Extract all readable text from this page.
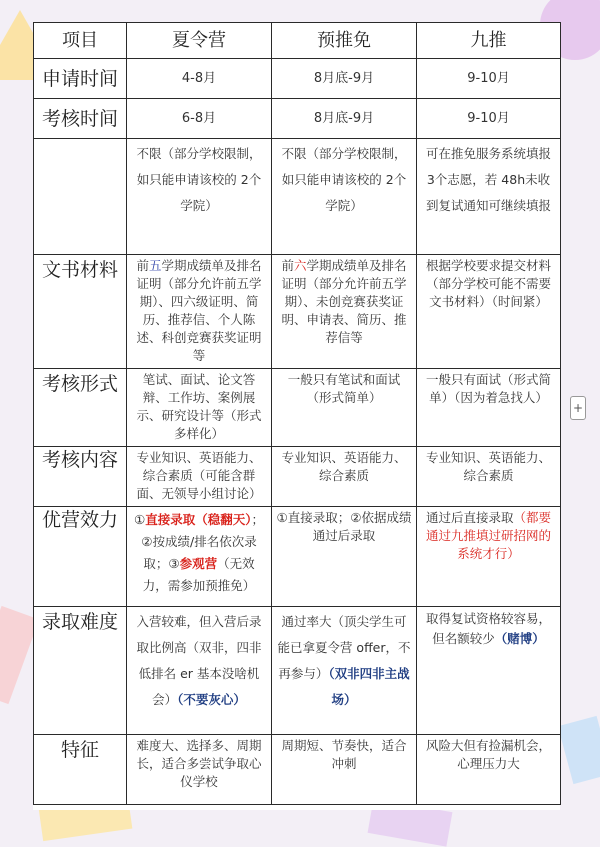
项目	夏令营	预推免	九推
申请时间	4-8月	8月底-9月	9-10月
考核时间	6-8月	8月底-9月	9-10月
	不限（部分学校限制，如只能申请该校的 2个学院）	不限（部分学校限制，如只能申请该校的 2个学院）	可在推免服务系统填报 3个志愿，若 48h未收到复试通知可继续填报
文书材料	前五学期成绩单及排名证明（部分允许前五学期）、四六级证明、简历、推荐信、个人陈述、科创竞赛获奖证明等	前六学期成绩单及排名证明（部分允许前五学期）、未创竞赛获奖证明、申请表、简历、推荐信等	根据学校要求提交材料（部分学校可能不需要文书材料）（时间紧）
考核形式	笔试、面试、论文答辩、工作坊、案例展示、研究设计等（形式多样化）	一般只有笔试和面试（形式简单）	一般只有面试（形式简单）（因为着急找人）
考核内容	专业知识、英语能力、综合素质（可能含群面、无领导小组讨论）	专业知识、英语能力、综合素质	专业知识、英语能力、综合素质
优营效力	①直接录取（稳翻天）；②按成绩/排名依次录取；③参观营（无效力，需参加预推免）	①直接录取；②依据成绩通过后录取	通过后直接录取（都要通过九推填过研招网的系统才行）
录取难度	入营较难，但入营后录取比例高（双非，四非低排名 er 基本没啥机会）（不要灰心）	通过率大（顶尖学生可能已拿夏令营 offer，不再参与）（双非四非主战场）	取得复试资格较容易，但名额较少（赌博）
特征	难度大、选择多、周期长，适合多尝试争取心仪学校	周期短、节奏快，适合冲刺	风险大但有捡漏机会，心理压力大
+
